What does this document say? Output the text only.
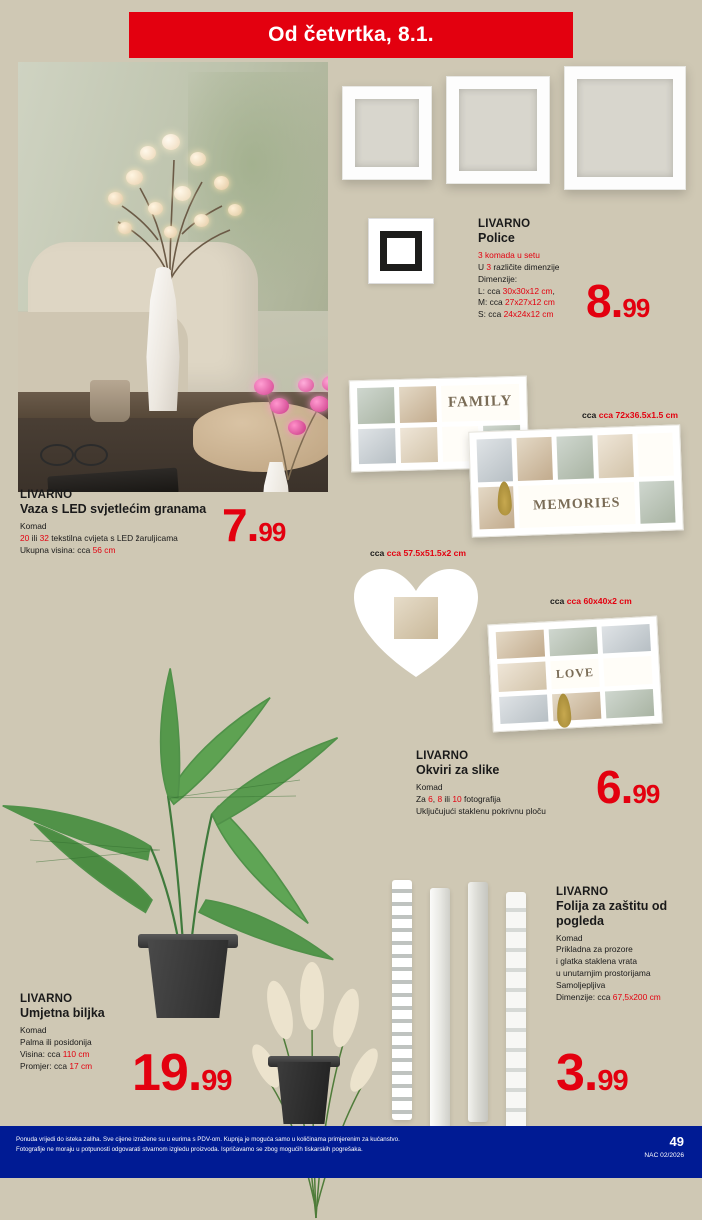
Od četvrtka, 8.1.
LIVARNO
Police
3 komada u setu
U 3 različite dimenzije
Dimenzije:
L: cca 30x30x12 cm,
M: cca 27x27x12 cm
S: cca 24x24x12 cm 8.99
FAMILY
MEMORIES
cca cca 72x36.5x1.5 cm
cca cca 57.5x51.5x2 cm
LOVE
cca cca 60x40x2 cm
LIVARNO
Vaza s LED svjetlećim granama
Komad
20 ili 32 tekstilna cvijeta s LED žaruljicama
Ukupna visina: cca 56 cm	7.99
LIVARNO
Okviri za slike
Komad
Za 6, 8 ili 10 fotografija
Uključujući staklenu pokrivnu ploču	6.99
LIVARNO
Umjetna biljka
Komad
Palma ili posidonija
Visina: cca 110 cm
Promjer: cca 17 cm 19.99
LIVARNO
Folija za zaštitu od pogleda
Komad
Prikladna za prozore
i glatka staklena vrata
u unutarnjim prostorijama
Samoljepljiva
Dimenzije: cca 67,5x200 cm
3.99
Ponuda vrijedi do isteka zaliha. Sve cijene izražene su u eurima s PDV-om. Kupnja je moguća samo u količinama primjerenim za kućanstvo.
Fotografije ne moraju u potpunosti odgovarati stvarnom izgledu proizvoda. Ispričavamo se zbog mogućih tiskarskih pogrešaka.
49
NAC 02/2026
